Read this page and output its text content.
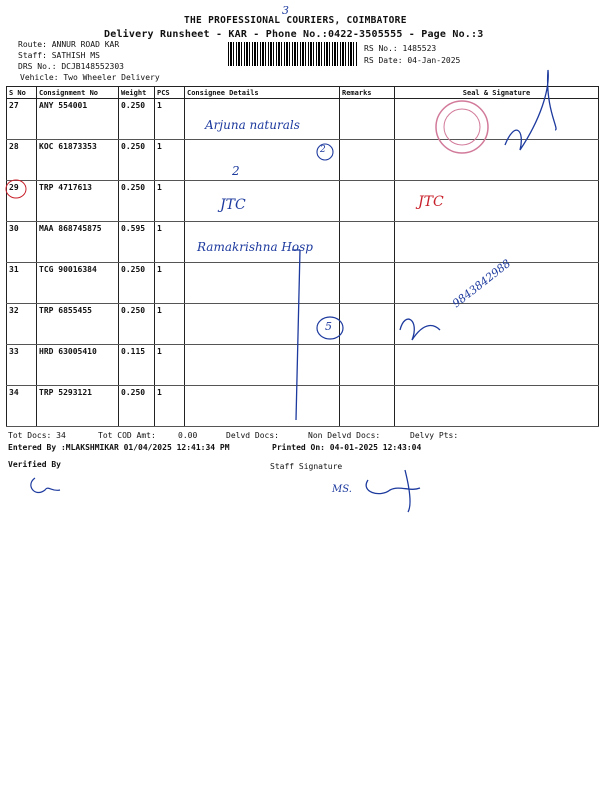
THE PROFESSIONAL COURIERS, COIMBATORE
3
Delivery Runsheet - KAR - Phone No.:0422-3505555 - Page No.:3
Route: ANNUR ROAD KAR
Staff: SATHISH MS
DRS No.: DCJB148552303
Vehicle: Two Wheeler Delivery
RS No.: 1485523
RS Date: 04-Jan-2025
S No	Consignment No	Weight	PCS	Consignee Details	Remarks	Seal & Signature
27	ANY 554001	0.250	1			
28	KOC 61873353	0.250	1			
29	TRP 4717613	0.250	1			
30	MAA 868745875	0.595	1			
31	TCG 90016384	0.250	1			
32	TRP 6855455	0.250	1			
33	HRD 63005410	0.115	1			
34	TRP 5293121	0.250	1			
Arjuna naturals
2
2
JTC	JTC
Ramakrishna Hosp
5
9843842988
MS.
Tot Docs: 34	Tot COD Amt:	0.00	Delvd Docs:	Non Delvd Docs:	Delvy Pts:
Entered By :MLAKSHMIKAR 01/04/2025 12:41:34 PM	Printed On: 04-01-2025 12:43:04
Verified By	Staff Signature
